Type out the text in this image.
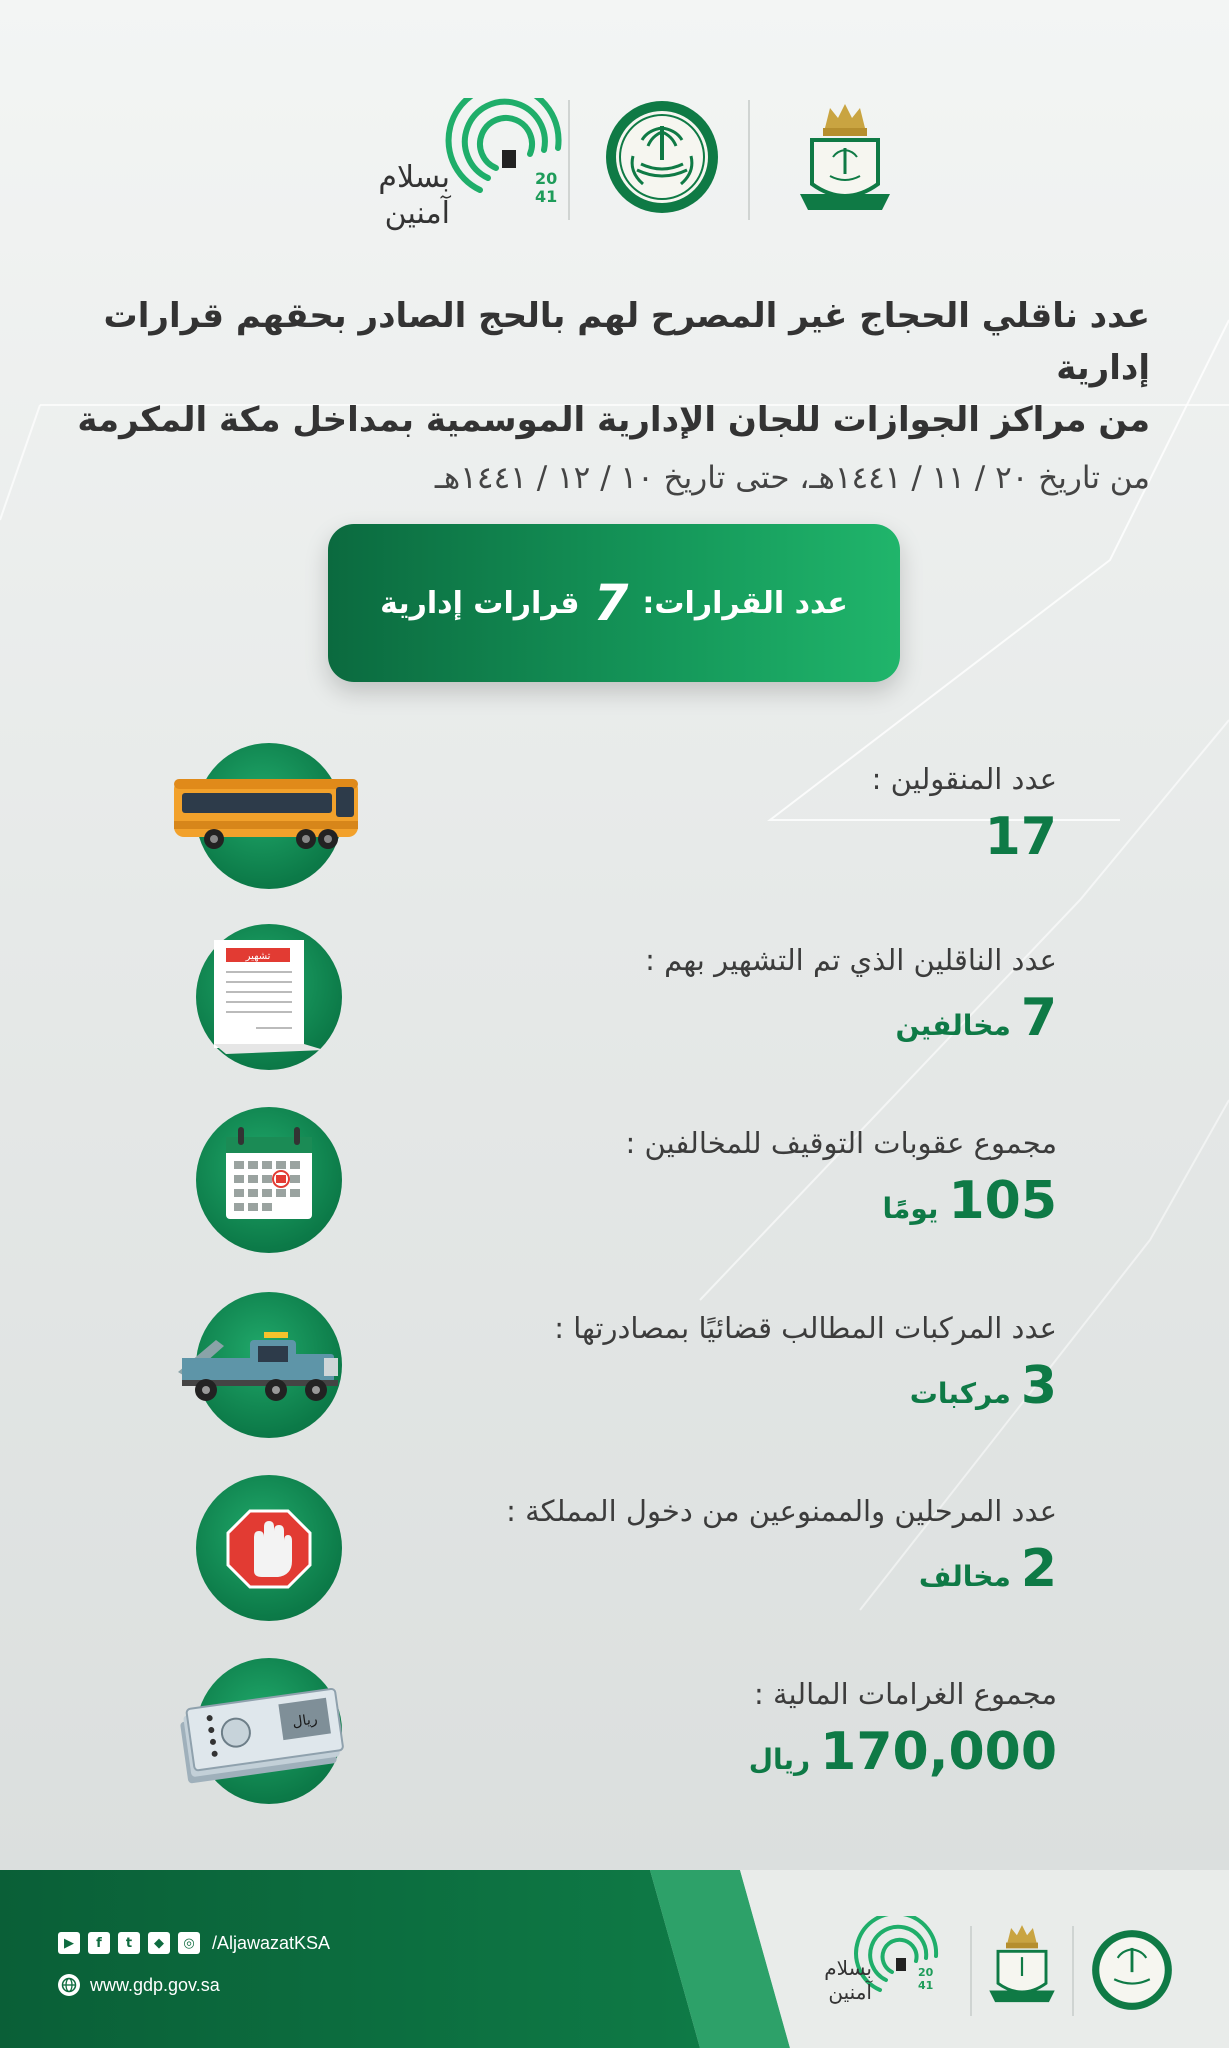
بسلام آمنين
20
41
عدد ناقلي الحجاج غير المصرح لهم بالحج الصادر بحقهم قرارات إدارية
من مراكز الجوازات للجان الإدارية الموسمية بمداخل مكة المكرمة
من تاريخ ٢٠ / ١١ / ١٤٤١هـ، حتى تاريخ ١٠ / ١٢ / ١٤٤١هـ
عدد القرارات:
7
قرارات إدارية
عدد المنقولين :
17
تشهير	عدد الناقلين الذي تم التشهير بهم :
7مخالفين
مجموع عقوبات التوقيف للمخالفين :
105يومًا
عدد المركبات المطالب قضائيًا بمصادرتها :
3مركبات
عدد المرحلين والممنوعين من دخول المملكة :
2مخالف
ريال
مجموع الغرامات المالية :
170,000ريال
▶	f	t	◆	◎ /AljawazatKSA
www.gdp.gov.sa
بسلام آمنين
20
41
